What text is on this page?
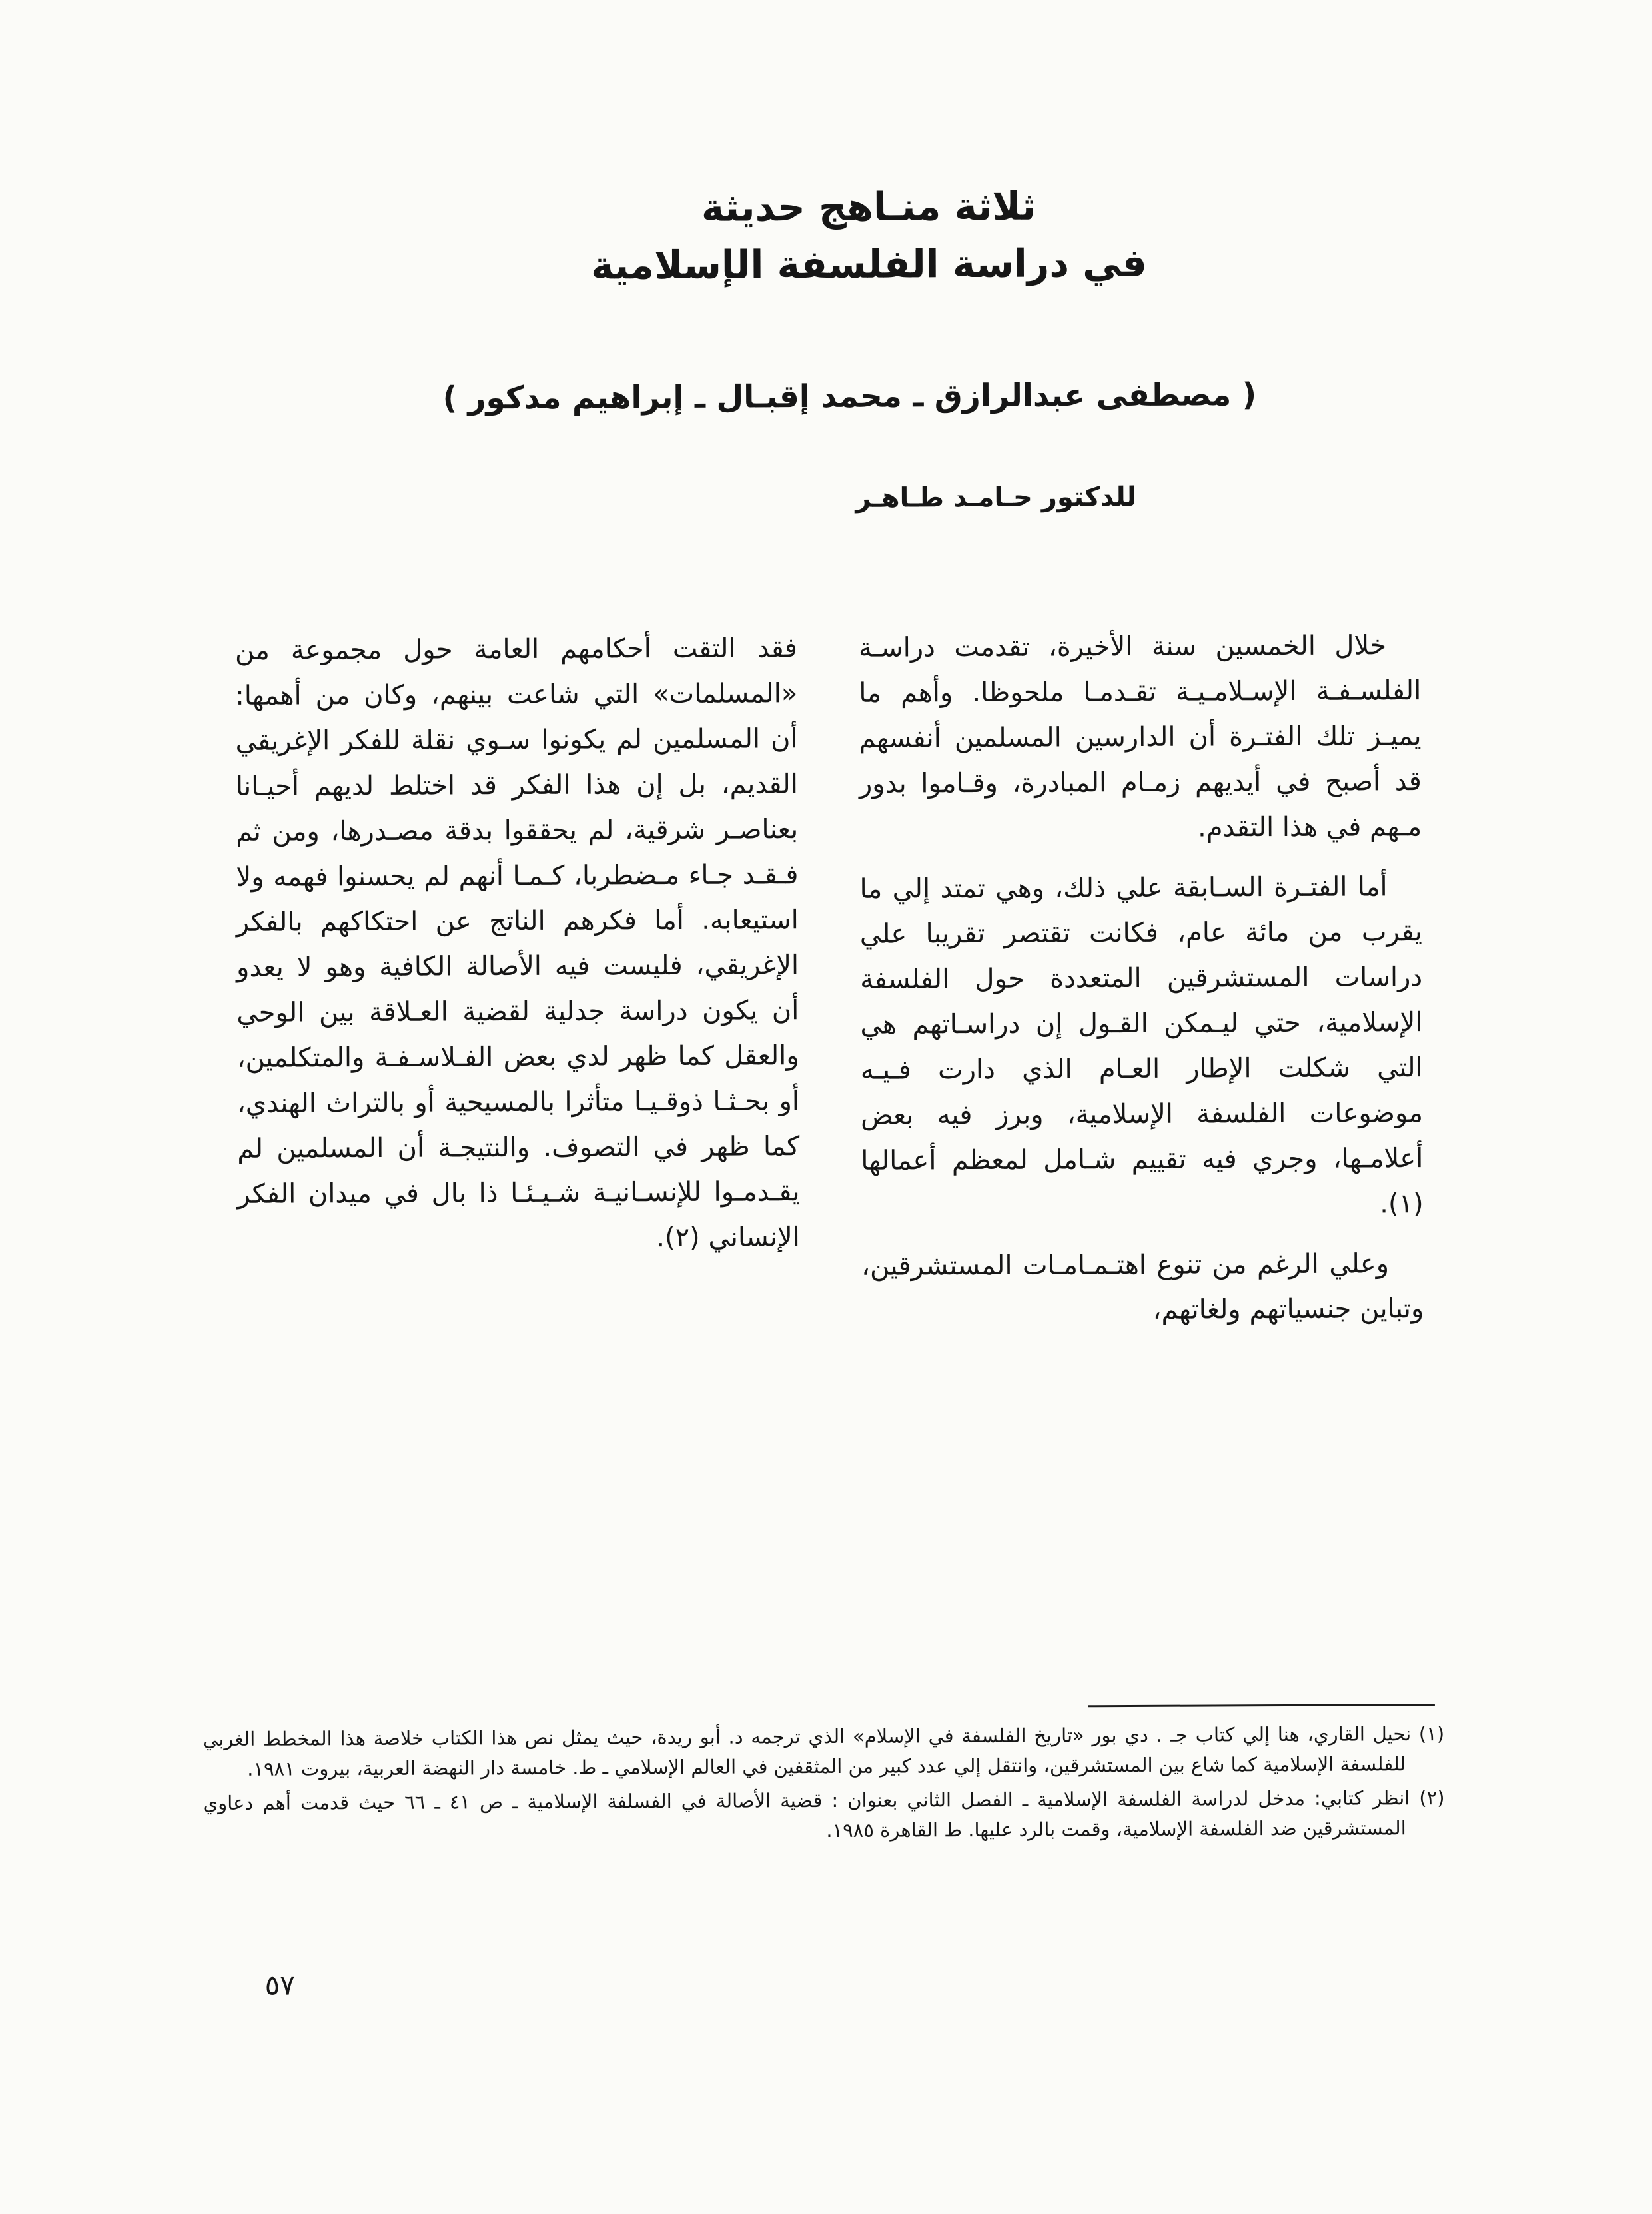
ثلاثة منـاهج حديثة
في دراسة الفلسفة الإسلامية
( مصطفى عبدالرازق ـ محمد إقبـال ـ إبراهيم مدكور )
للدكتور حـامـد طـاهـر

خلال الخمسين سنة الأخيرة، تقدمت دراسـة الفلسـفـة الإسـلامـيـة تقـدمـا ملحوظا. وأهم ما يميـز تلك الفتـرة أن الدارسين المسلمين أنفسهم قد أصبح في أيديهم زمـام المبادرة، وقـاموا بدور مـهم في هذا التقدم.

أما الفتـرة السـابقة علي ذلك، وهي تمتد إلي ما يقرب من مائة عام، فكانت تقتصر تقريبا علي دراسات المستشرقين المتعددة حول الفلسفة الإسلامية، حتي ليـمكن القـول إن دراسـاتهم هي التي شكلت الإطار العـام الذي دارت فـيـه موضوعات الفلسفة الإسلامية، وبرز فيه بعض أعلامـها، وجري فيه تقييم شـامل لمعظم أعمالها (١).

وعلي الرغم من تنوع اهتـمـامـات المستشرقين، وتباين جنسياتهم ولغاتهم،

فقد التقت أحكامهم العامة حول مجموعة من «المسلمات» التي شاعت بينهم، وكان من أهمها: أن المسلمين لم يكونوا سـوي نقلة للفكر الإغريقي القديم، بل إن هذا الفكر قد اختلط لديهم أحيـانا بعناصـر شرقية، لم يحققوا بدقة مصـدرها، ومن ثم فـقـد جـاء مـضطربا، كـمـا أنهم لم يحسنوا فهمه ولا استيعابه. أما فكرهم الناتج عن احتكاكهم بالفكر الإغريقي، فليست فيه الأصالة الكافية وهو لا يعدو أن يكون دراسة جدلية لقضية العـلاقة بين الوحي والعقل كما ظهر لدي بعض الفـلاسـفـة والمتكلمين، أو بحـثـا ذوقـيـا متأثرا بالمسيحية أو بالتراث الهندي، كما ظهر في التصوف. والنتيجـة أن المسلمين لم يقـدمـوا للإنسـانيـة شـيـئـا ذا بال في ميدان الفكر الإنساني (٢).

(١) نحيل القاري، هنا إلي كتاب جـ . دي بور «تاريخ الفلسفة في الإسلام» الذي ترجمه د. أبو ريدة، حيث يمثل نص هذا الكتاب خلاصة هذا المخطط الغربي للفلسفة الإسلامية كما شاع بين المستشرقين، وانتقل إلي عدد كبير من المثقفين في العالم الإسلامي ـ ط. خامسة دار النهضة العربية، بيروت ١٩٨١.

(٢) انظر كتابي: مدخل لدراسة الفلسفة الإسلامية ـ الفصل الثاني بعنوان : قضية الأصالة في الفسلفة الإسلامية ـ ص ٤١ ـ ٦٦ حيث قدمت أهم دعاوي المستشرقين ضد الفلسفة الإسلامية، وقمت بالرد عليها. ط القاهرة ١٩٨٥.

٥٧
